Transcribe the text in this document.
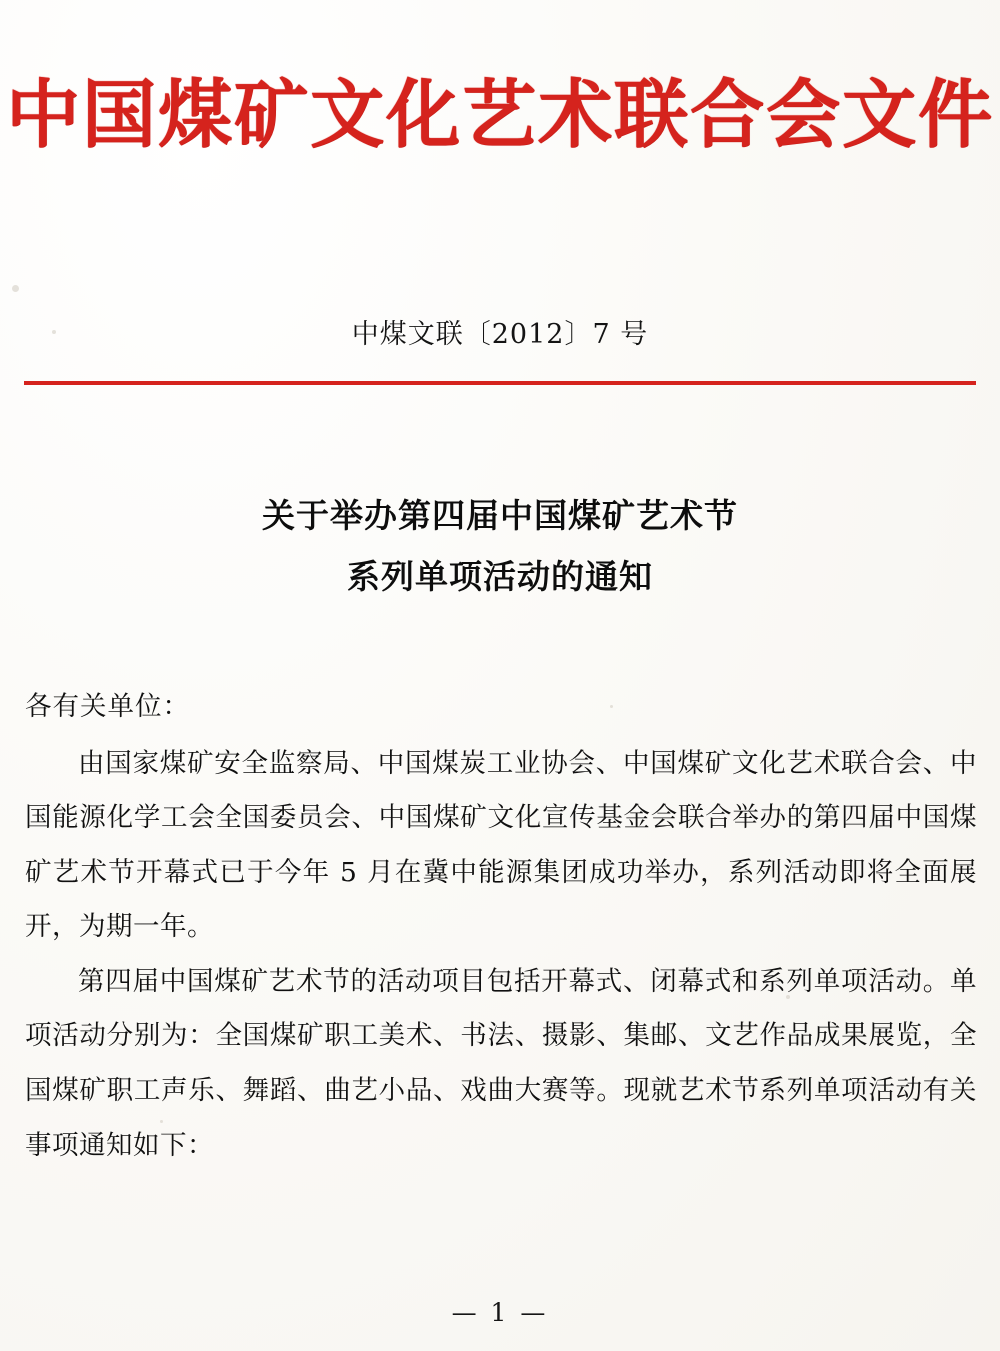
中国煤矿文化艺术联合会文件
中煤文联〔2012〕7 号
关于举办第四届中国煤矿艺术节
系列单项活动的通知

各有关单位：

由国家煤矿安全监察局、中国煤炭工业协会、中国煤矿文化艺术联合会、中国能源化学工会全国委员会、中国煤矿文化宣传基金会联合举办的第四届中国煤矿艺术节开幕式已于今年 5 月在冀中能源集团成功举办，系列活动即将全面展开，为期一年。

第四届中国煤矿艺术节的活动项目包括开幕式、闭幕式和系列单项活动。单项活动分别为：全国煤矿职工美术、书法、摄影、集邮、文艺作品成果展览，全国煤矿职工声乐、舞蹈、曲艺小品、戏曲大赛等。现就艺术节系列单项活动有关事项通知如下：

— 1 —
